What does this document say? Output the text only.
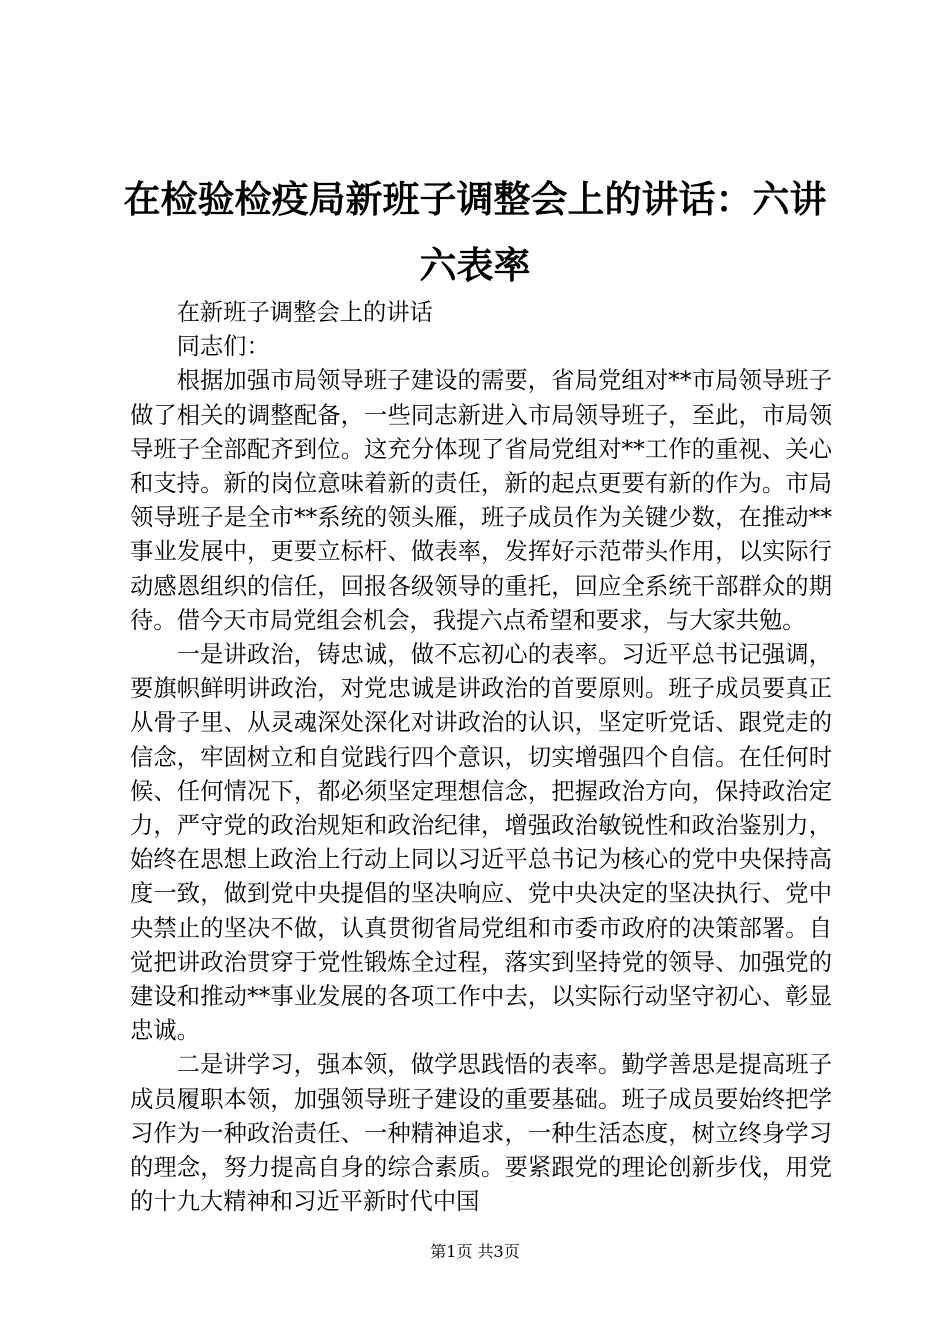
在检验检疫局新班子调整会上的讲话：六讲六表率

在新班子调整会上的讲话

同志们：

根据加强市局领导班子建设的需要，省局党组对**市局领导班子做了相关的调整配备，一些同志新进入市局领导班子，至此，市局领导班子全部配齐到位。这充分体现了省局党组对**工作的重视、关心和支持。新的岗位意味着新的责任，新的起点更要有新的作为。市局领导班子是全市**系统的领头雁，班子成员作为关键少数，在推动**事业发展中，更要立标杆、做表率，发挥好示范带头作用，以实际行动感恩组织的信任，回报各级领导的重托，回应全系统干部群众的期待。借今天市局党组会机会，我提六点希望和要求，与大家共勉。

一是讲政治，铸忠诚，做不忘初心的表率。习近平总书记强调，要旗帜鲜明讲政治，对党忠诚是讲政治的首要原则。班子成员要真正从骨子里、从灵魂深处深化对讲政治的认识，坚定听党话、跟党走的信念，牢固树立和自觉践行四个意识，切实增强四个自信。在任何时候、任何情况下，都必须坚定理想信念，把握政治方向，保持政治定力，严守党的政治规矩和政治纪律，增强政治敏锐性和政治鉴别力，始终在思想上政治上行动上同以习近平总书记为核心的党中央保持高度一致，做到党中央提倡的坚决响应、党中央决定的坚决执行、党中央禁止的坚决不做，认真贯彻省局党组和市委市政府的决策部署。自觉把讲政治贯穿于党性锻炼全过程，落实到坚持党的领导、加强党的建设和推动**事业发展的各项工作中去，以实际行动坚守初心、彰显忠诚。

二是讲学习，强本领，做学思践悟的表率。勤学善思是提高班子成员履职本领，加强领导班子建设的重要基础。班子成员要始终把学习作为一种政治责任、一种精神追求，一种生活态度，树立终身学习的理念，努力提高自身的综合素质。要紧跟党的理论创新步伐，用党的十九大精神和习近平新时代中国

第1页 共3页
